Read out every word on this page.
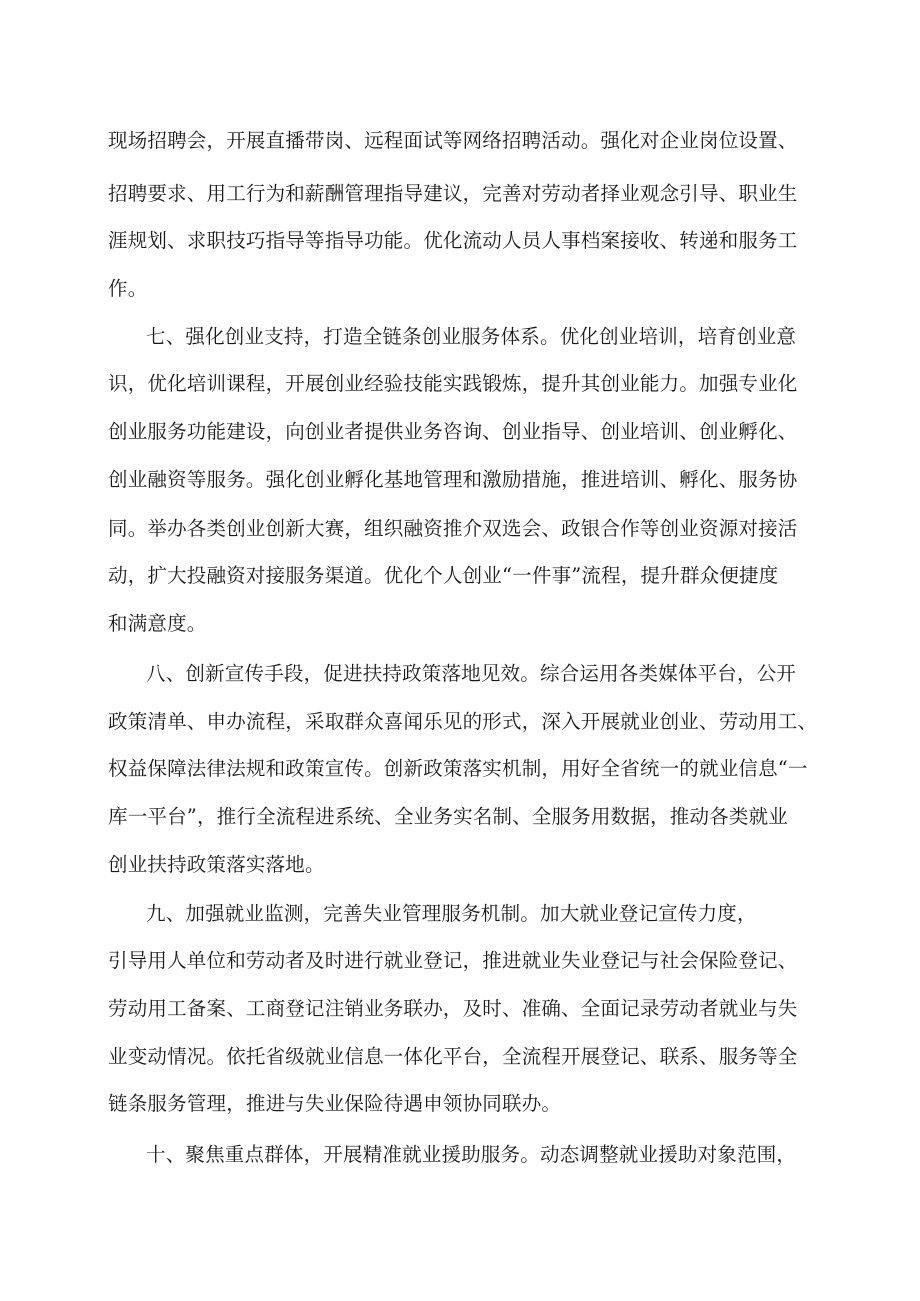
现场招聘会，开展直播带岗、远程面试等网络招聘活动。强化对企业岗位设置、
招聘要求、用工行为和薪酬管理指导建议，完善对劳动者择业观念引导、职业生
涯规划、求职技巧指导等指导功能。优化流动人员人事档案接收、转递和服务工
作。
七、强化创业支持，打造全链条创业服务体系。优化创业培训，培育创业意
识，优化培训课程，开展创业经验技能实践锻炼，提升其创业能力。加强专业化
创业服务功能建设，向创业者提供业务咨询、创业指导、创业培训、创业孵化、
创业融资等服务。强化创业孵化基地管理和激励措施，推进培训、孵化、服务协
同。举办各类创业创新大赛，组织融资推介双选会、政银合作等创业资源对接活
动，扩大投融资对接服务渠道。优化个人创业“一件事”流程，提升群众便捷度
和满意度。
八、创新宣传手段，促进扶持政策落地见效。综合运用各类媒体平台，公开
政策清单、申办流程，采取群众喜闻乐见的形式，深入开展就业创业、劳动用工、
权益保障法律法规和政策宣传。创新政策落实机制，用好全省统一的就业信息“一
库一平台”，推行全流程进系统、全业务实名制、全服务用数据，推动各类就业
创业扶持政策落实落地。
九、加强就业监测，完善失业管理服务机制。加大就业登记宣传力度，
引导用人单位和劳动者及时进行就业登记，推进就业失业登记与社会保险登记、
劳动用工备案、工商登记注销业务联办，及时、准确、全面记录劳动者就业与失
业变动情况。依托省级就业信息一体化平台，全流程开展登记、联系、服务等全
链条服务管理，推进与失业保险待遇申领协同联办。
十、聚焦重点群体，开展精准就业援助服务。动态调整就业援助对象范围，
